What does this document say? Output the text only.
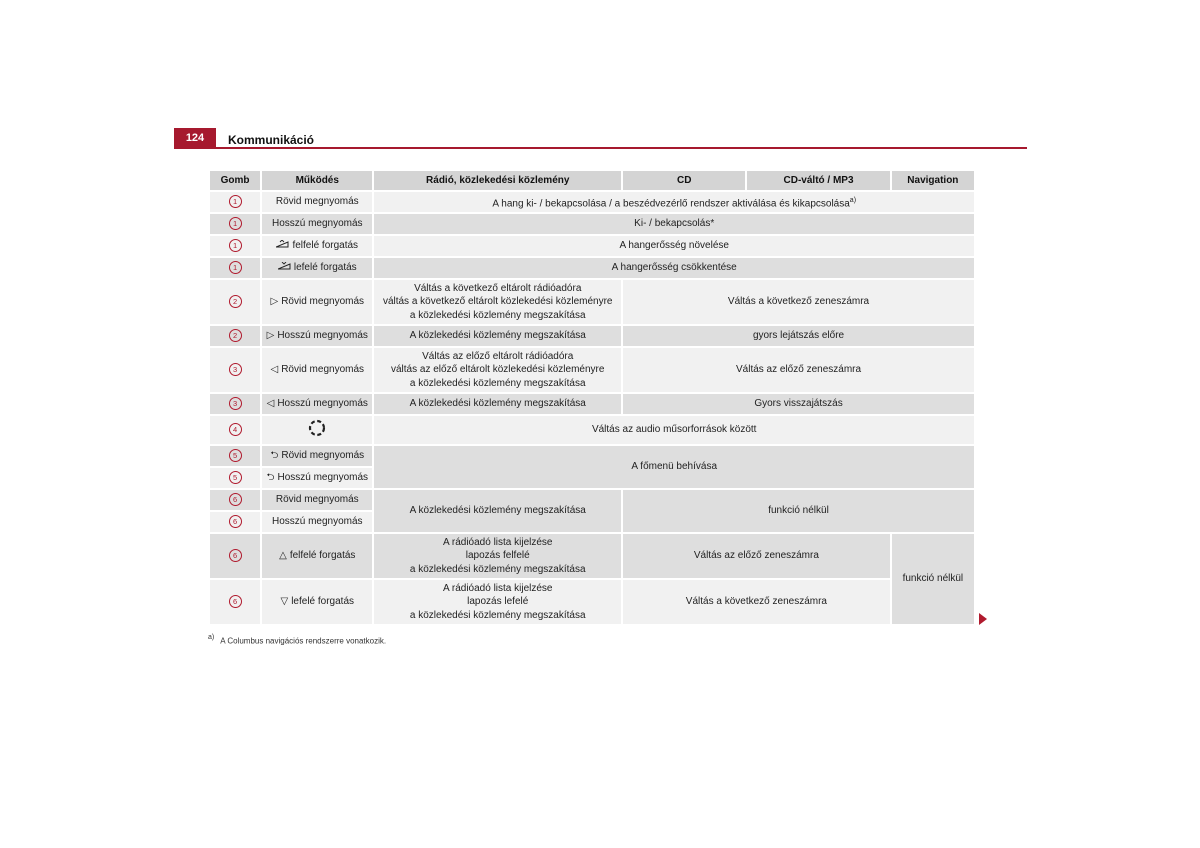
124	Kommunikáció
Gomb	Működés	Rádió, közlekedési közlemény	CD	CD-váltó / MP3	Navigation
1	Rövid megnyomás	A hang ki- / bekapcsolása / a beszédvezérlő rendszer aktiválása és kikapcsolása$^{a)}$
1	Hosszú megnyomás	Ki- / bekapcsolás*			
1	felfelé forgatás	A hangerősség növelése			
1	lefelé forgatás	A hangerősség csökkentése			
2	▷ Rövid megnyomás	Váltás a következő eltárolt rádióadóra
váltás a következő eltárolt közlekedési közleményre
a közlekedési közlemény megszakítása	Váltás a következő zeneszámra		
2	▷ Hosszú megnyomás	A közlekedési közlemény megszakítása	gyors lejátszás előre		
3	◁ Rövid megnyomás	Váltás az előző eltárolt rádióadóra
váltás az előző eltárolt közlekedési közleményre
a közlekedési közlemény megszakítása	Váltás az előző zeneszámra		
3	◁ Hosszú megnyomás	A közlekedési közlemény megszakítása	Gyors visszajátszás		
4		Váltás az audio műsorforrások között			
5	⮌ Rövid megnyomás	A főmenü behívása			
5	⮌ Hosszú megnyomás				
6	Rövid megnyomás	A közlekedési közlemény megszakítása	funkció nélkül		
6	Hosszú megnyomás				
6	△ felfelé forgatás	A rádióadó lista kijelzése
lapozás felfelé
a közlekedési közlemény megszakítása	Váltás az előző zeneszámra		funkció nélkül
6	▽ lefelé forgatás	A rádióadó lista kijelzése
lapozás lefelé
a közlekedési közlemény megszakítása	Váltás a következő zeneszámra		
$^{a)}$ A Columbus navigációs rendszerre vonatkozik.
